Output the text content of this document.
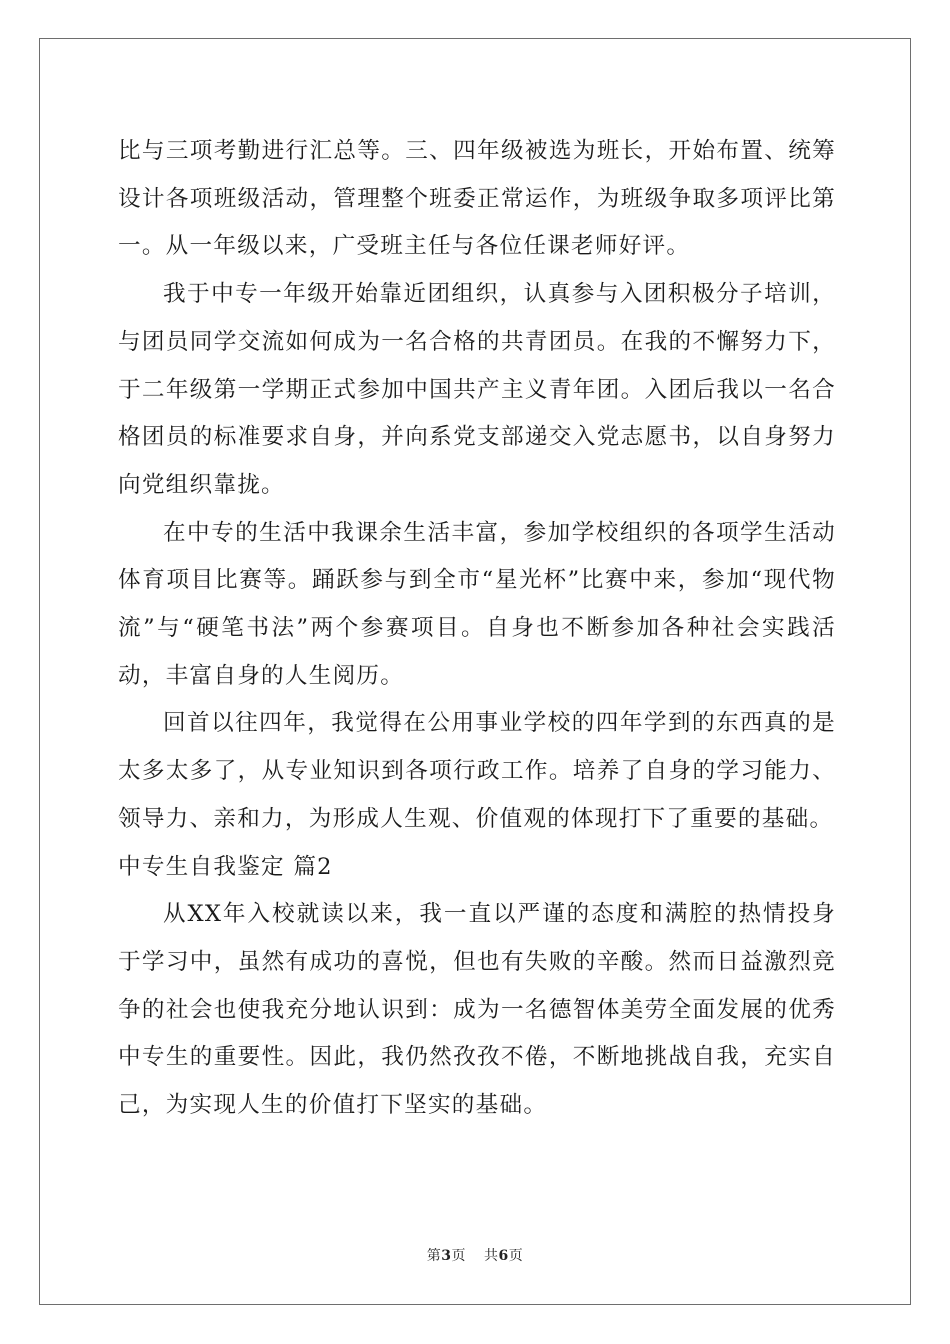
比与三项考勤进行汇总等。三、四年级被选为班长，开始布置、统筹设计各项班级活动，管理整个班委正常运作，为班级争取多项评比第一。从一年级以来，广受班主任与各位任课老师好评。

我于中专一年级开始靠近团组织，认真参与入团积极分子培训，与团员同学交流如何成为一名合格的共青团员。在我的不懈努力下，于二年级第一学期正式参加中国共产主义青年团。入团后我以一名合格团员的标准要求自身，并向系党支部递交入党志愿书，以自身努力向党组织靠拢。

在中专的生活中我课余生活丰富，参加学校组织的各项学生活动体育项目比赛等。踊跃参与到全市“星光杯”比赛中来，参加“现代物流”与“硬笔书法”两个参赛项目。自身也不断参加各种社会实践活动，丰富自身的人生阅历。

回首以往四年，我觉得在公用事业学校的四年学到的东西真的是太多太多了，从专业知识到各项行政工作。培养了自身的学习能力、领导力、亲和力，为形成人生观、价值观的体现打下了重要的基础。

中专生自我鉴定 篇2

从XX年入校就读以来，我一直以严谨的态度和满腔的热情投身于学习中，虽然有成功的喜悦，但也有失败的辛酸。然而日益激烈竞争的社会也使我充分地认识到：成为一名德智体美劳全面发展的优秀中专生的重要性。因此，我仍然孜孜不倦，不断地挑战自我，充实自己，为实现人生的价值打下坚实的基础。

第3页 共6页
